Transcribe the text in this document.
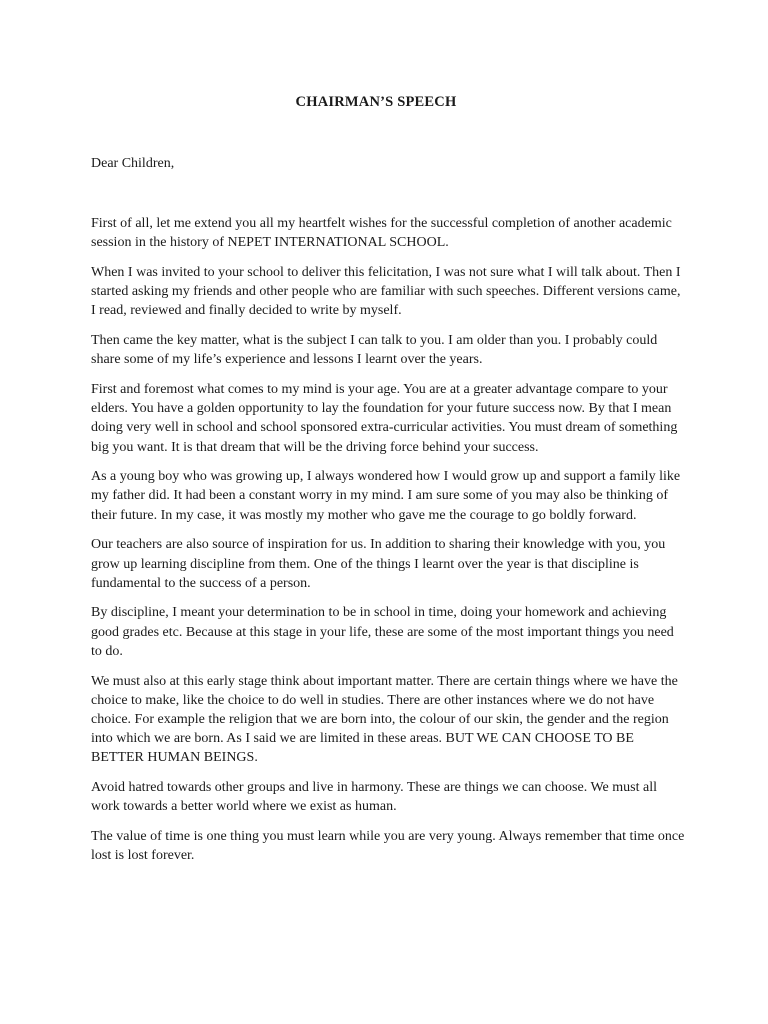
CHAIRMAN’S SPEECH
Dear Children,

First of all, let me extend you all my heartfelt wishes for the successful completion of another academic session in the history of NEPET INTERNATIONAL SCHOOL.

When I was invited to your school to deliver this felicitation, I was not sure what I will talk about. Then I started asking my friends and other people who are familiar with such speeches. Different versions came, I read, reviewed and finally decided to write by myself.

Then came the key matter, what is the subject I can talk to you. I am older than you. I probably could share some of my life’s experience and lessons I learnt over the years.

First and foremost what comes to my mind is your age. You are at a greater advantage compare to your elders. You have a golden opportunity to lay the foundation for your future success now. By that I mean doing very well in school and school sponsored extra-curricular activities. You must dream of something big you want. It is that dream that will be the driving force behind your success.

As a young boy who was growing up, I always wondered how I would grow up and support a family like my father did. It had been a constant worry in my mind. I am sure some of you may also be thinking of their future. In my case, it was mostly my mother who gave me the courage to go boldly forward.

Our teachers are also source of inspiration for us. In addition to sharing their knowledge with you, you grow up learning discipline from them. One of the things I learnt over the year is that discipline is fundamental to the success of a person.

By discipline, I meant your determination to be in school in time, doing your homework and achieving good grades etc. Because at this stage in your life, these are some of the most important things you need to do.

We must also at this early stage think about important matter. There are certain things where we have the choice to make, like the choice to do well in studies. There are other instances where we do not have choice. For example the religion that we are born into, the colour of our skin, the gender and the region into which we are born. As I said we are limited in these areas. BUT WE CAN CHOOSE TO BE BETTER HUMAN BEINGS.

Avoid hatred towards other groups and live in harmony. These are things we can choose. We must all work towards a better world where we exist as human.

The value of time is one thing you must learn while you are very young. Always remember that time once lost is lost forever.
